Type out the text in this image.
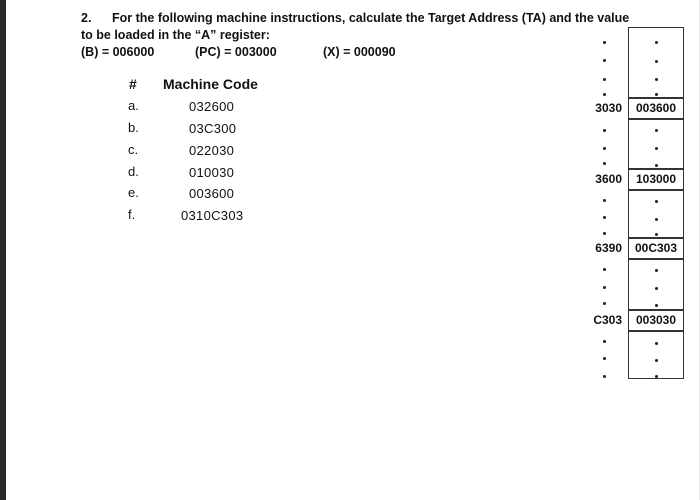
2. For the following machine instructions, calculate the Target Address (TA) and the value
to be loaded in the “A” register:
(B) = 006000	(PC) = 003000	(X) = 000090
# Machine Code
a.	032600
b.	03C300
c.	022030
d.	010030
e.	003600
f.	0310C303
3030	003600
3600	103000
6390	00C303
C303	003030
